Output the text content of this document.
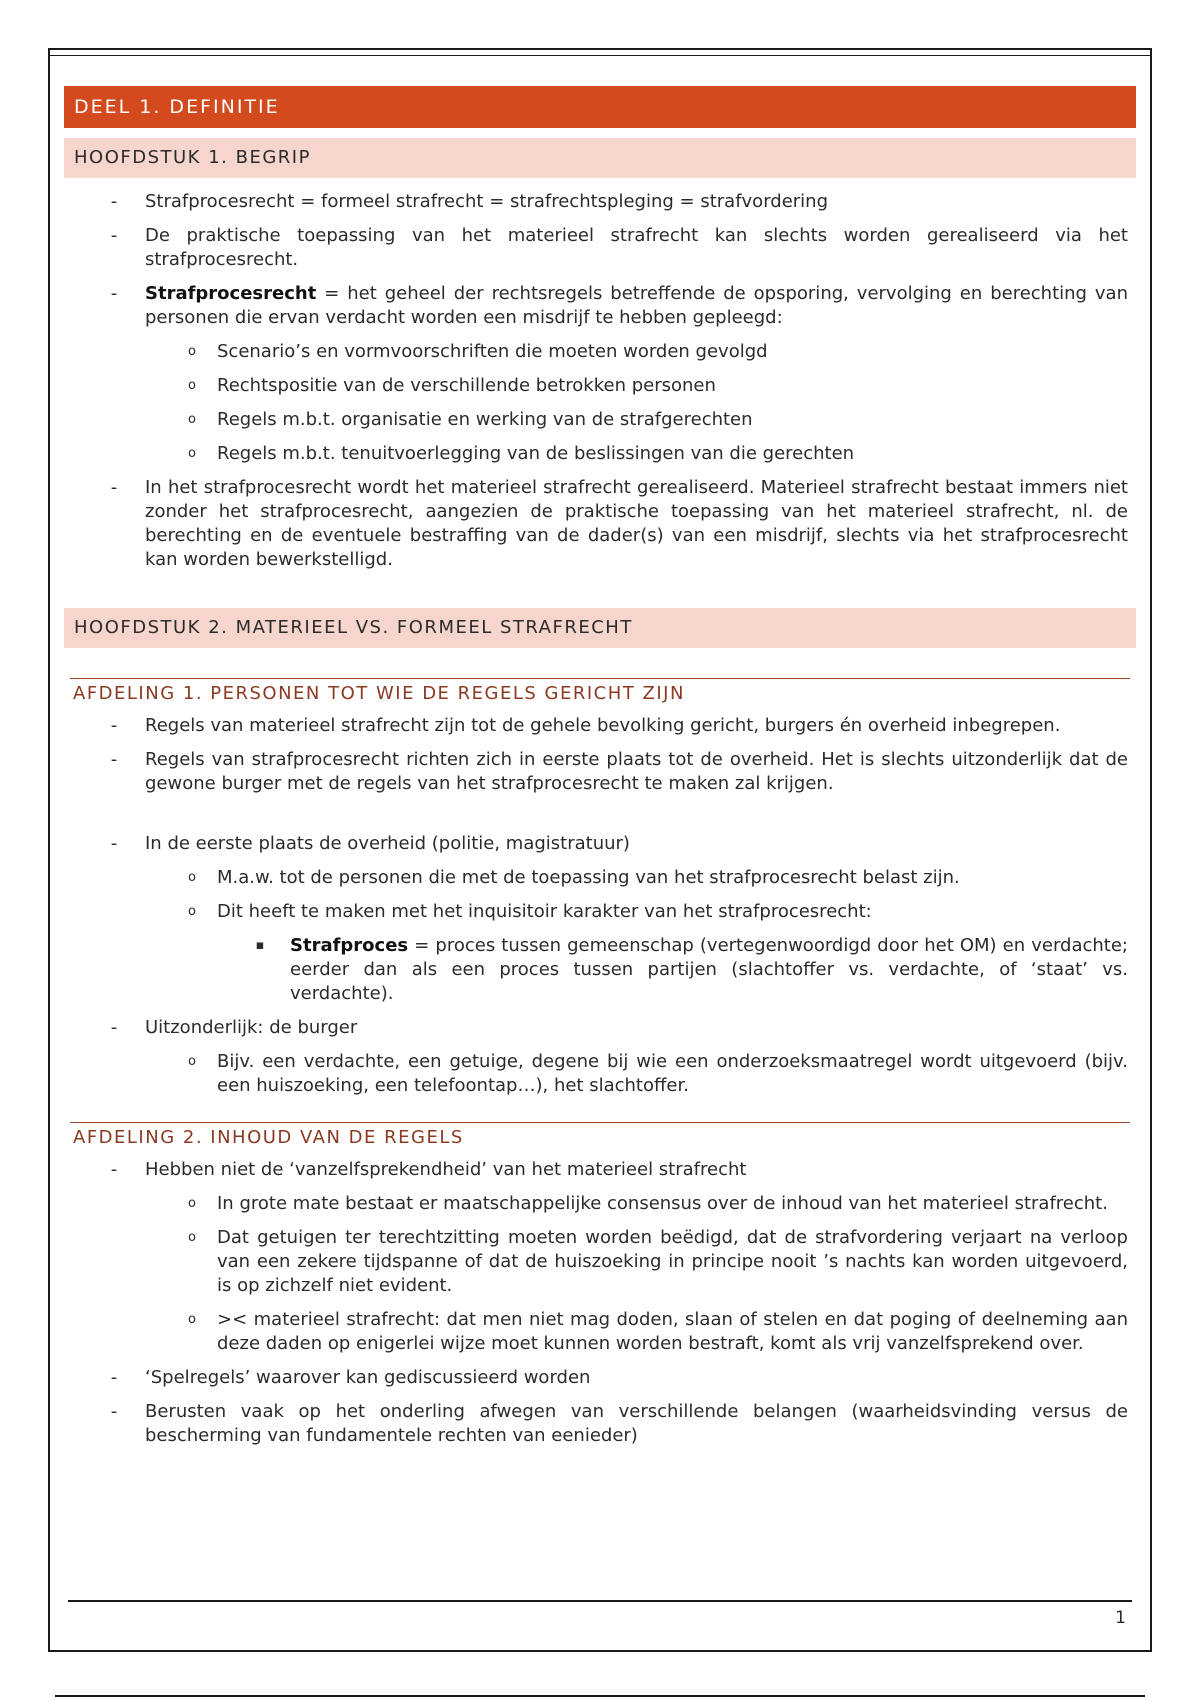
DEEL 1. DEFINITIE
HOOFDSTUK 1. BEGRIP
-	Strafprocesrecht = formeel strafrecht = strafrechtspleging = strafvordering
-	De praktische toepassing van het materieel strafrecht kan slechts worden gerealiseerd via het strafprocesrecht.
-	Strafprocesrecht = het geheel der rechtsregels betreffende de opsporing, vervolging en berechting van personen die ervan verdacht worden een misdrijf te hebben gepleegd:
o	Scenario’s en vormvoorschriften die moeten worden gevolgd
o	Rechtspositie van de verschillende betrokken personen
o	Regels m.b.t. organisatie en werking van de strafgerechten
o	Regels m.b.t. tenuitvoerlegging van de beslissingen van die gerechten
-	In het strafprocesrecht wordt het materieel strafrecht gerealiseerd. Materieel strafrecht bestaat immers niet zonder het strafprocesrecht, aangezien de praktische toepassing van het materieel strafrecht, nl. de berechting en de eventuele bestraffing van de dader(s) van een misdrijf, slechts via het strafprocesrecht kan worden bewerkstelligd.
HOOFDSTUK 2. MATERIEEL VS. FORMEEL STRAFRECHT
AFDELING 1. PERSONEN TOT WIE DE REGELS GERICHT ZIJN
-	Regels van materieel strafrecht zijn tot de gehele bevolking gericht, burgers én overheid inbegrepen.
-	Regels van strafprocesrecht richten zich in eerste plaats tot de overheid. Het is slechts uitzonderlijk dat de gewone burger met de regels van het strafprocesrecht te maken zal krijgen.
-	In de eerste plaats de overheid (politie, magistratuur)
o	M.a.w. tot de personen die met de toepassing van het strafprocesrecht belast zijn.
o	Dit heeft te maken met het inquisitoir karakter van het strafprocesrecht:
▪	Strafproces = proces tussen gemeenschap (vertegenwoordigd door het OM) en verdachte; eerder dan als een proces tussen partijen (slachtoffer vs. verdachte, of ‘staat’ vs. verdachte).
-	Uitzonderlijk: de burger
o	Bijv. een verdachte, een getuige, degene bij wie een onderzoeksmaatregel wordt uitgevoerd (bijv. een huiszoeking, een telefoontap…), het slachtoffer.
AFDELING 2. INHOUD VAN DE REGELS
-	Hebben niet de ‘vanzelfsprekendheid’ van het materieel strafrecht
o	In grote mate bestaat er maatschappelijke consensus over de inhoud van het materieel strafrecht.
o	Dat getuigen ter terechtzitting moeten worden beëdigd, dat de strafvordering verjaart na verloop van een zekere tijdspanne of dat de huiszoeking in principe nooit ’s nachts kan worden uitgevoerd, is op zichzelf niet evident.
o	>< materieel strafrecht: dat men niet mag doden, slaan of stelen en dat poging of deelneming aan deze daden op enigerlei wijze moet kunnen worden bestraft, komt als vrij vanzelfsprekend over.
-	‘Spelregels’ waarover kan gediscussieerd worden
-	Berusten vaak op het onderling afwegen van verschillende belangen (waarheidsvinding versus de bescherming van fundamentele rechten van eenieder)
1
